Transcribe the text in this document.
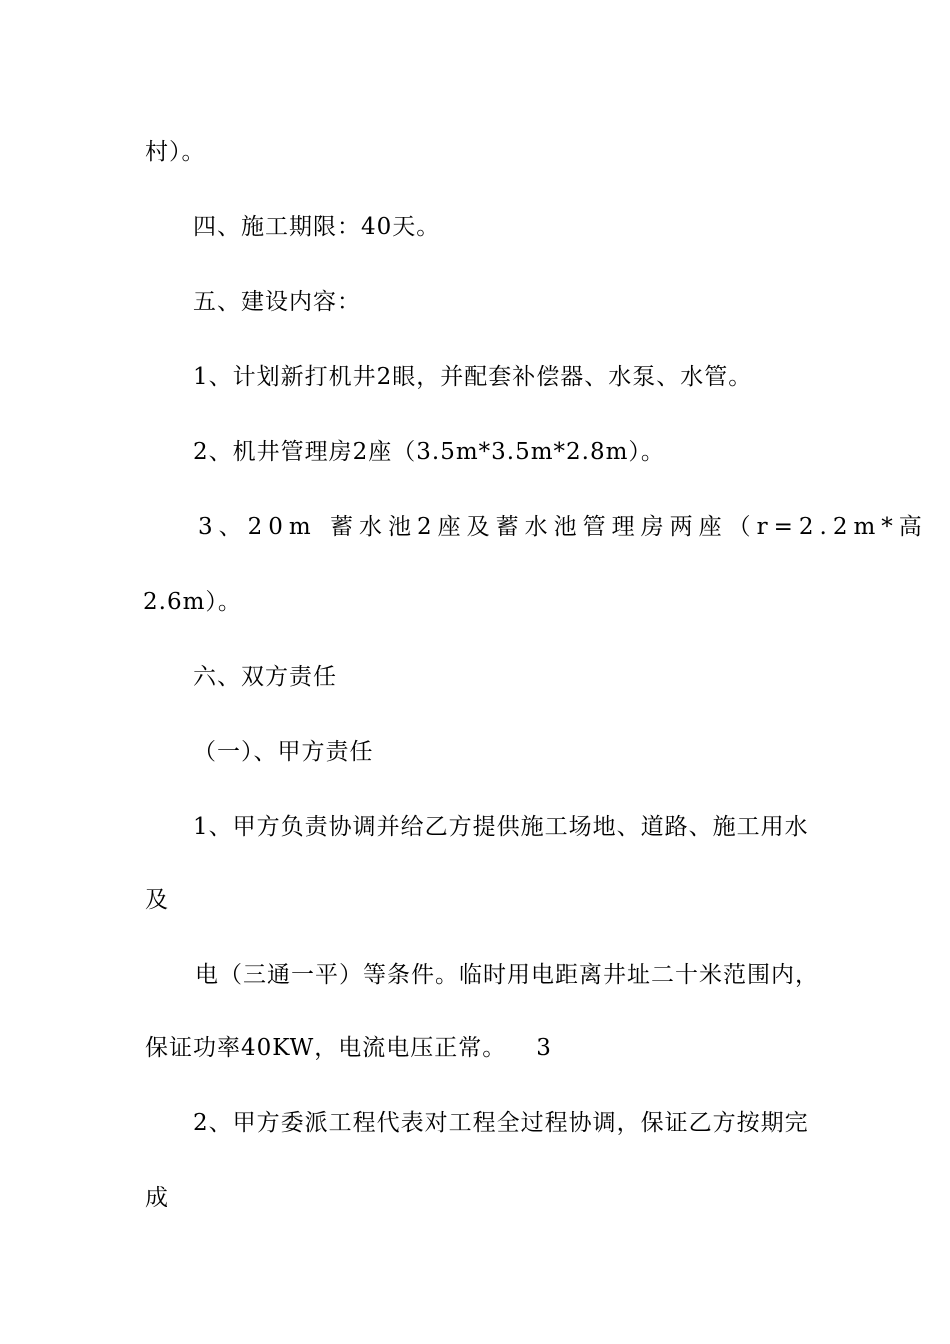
村）。
四、施工期限：40天。
五、建设内容：
1、计划新打机井2眼，并配套补偿器、水泵、水管。
2、机井管理房2座（3.5m*3.5m*2.8m）。
3、20m 蓄水池2座及蓄水池管理房两座（r=2.2m*高
2.6m）。
六、双方责任
（一）、甲方责任
1、甲方负责协调并给乙方提供施工场地、道路、施工用水
及
电（三通一平）等条件。临时用电距离井址二十米范围内，
保证功率40KW，电流电压正常。 3
2、甲方委派工程代表对工程全过程协调，保证乙方按期完
成
